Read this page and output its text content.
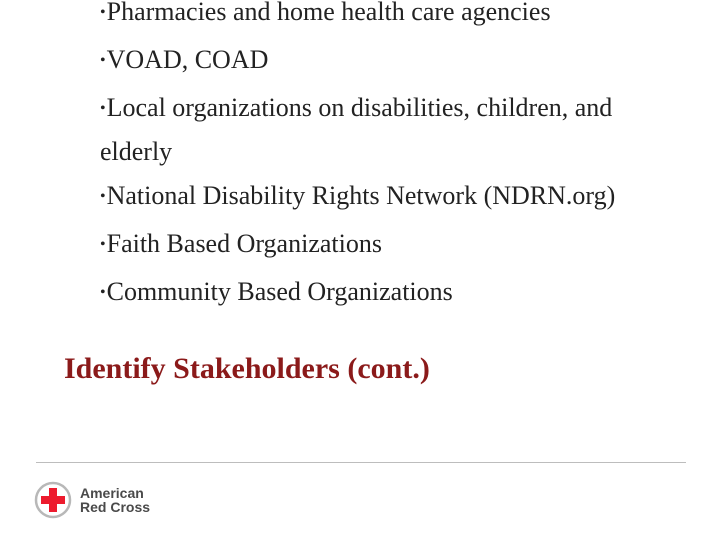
•Pharmacies and home health care agencies
•VOAD, COAD
•Local organizations on disabilities, children, and elderly
•National Disability Rights Network (NDRN.org)
•Faith Based Organizations
•Community Based Organizations
Identify Stakeholders (cont.)
American
Red Cross
